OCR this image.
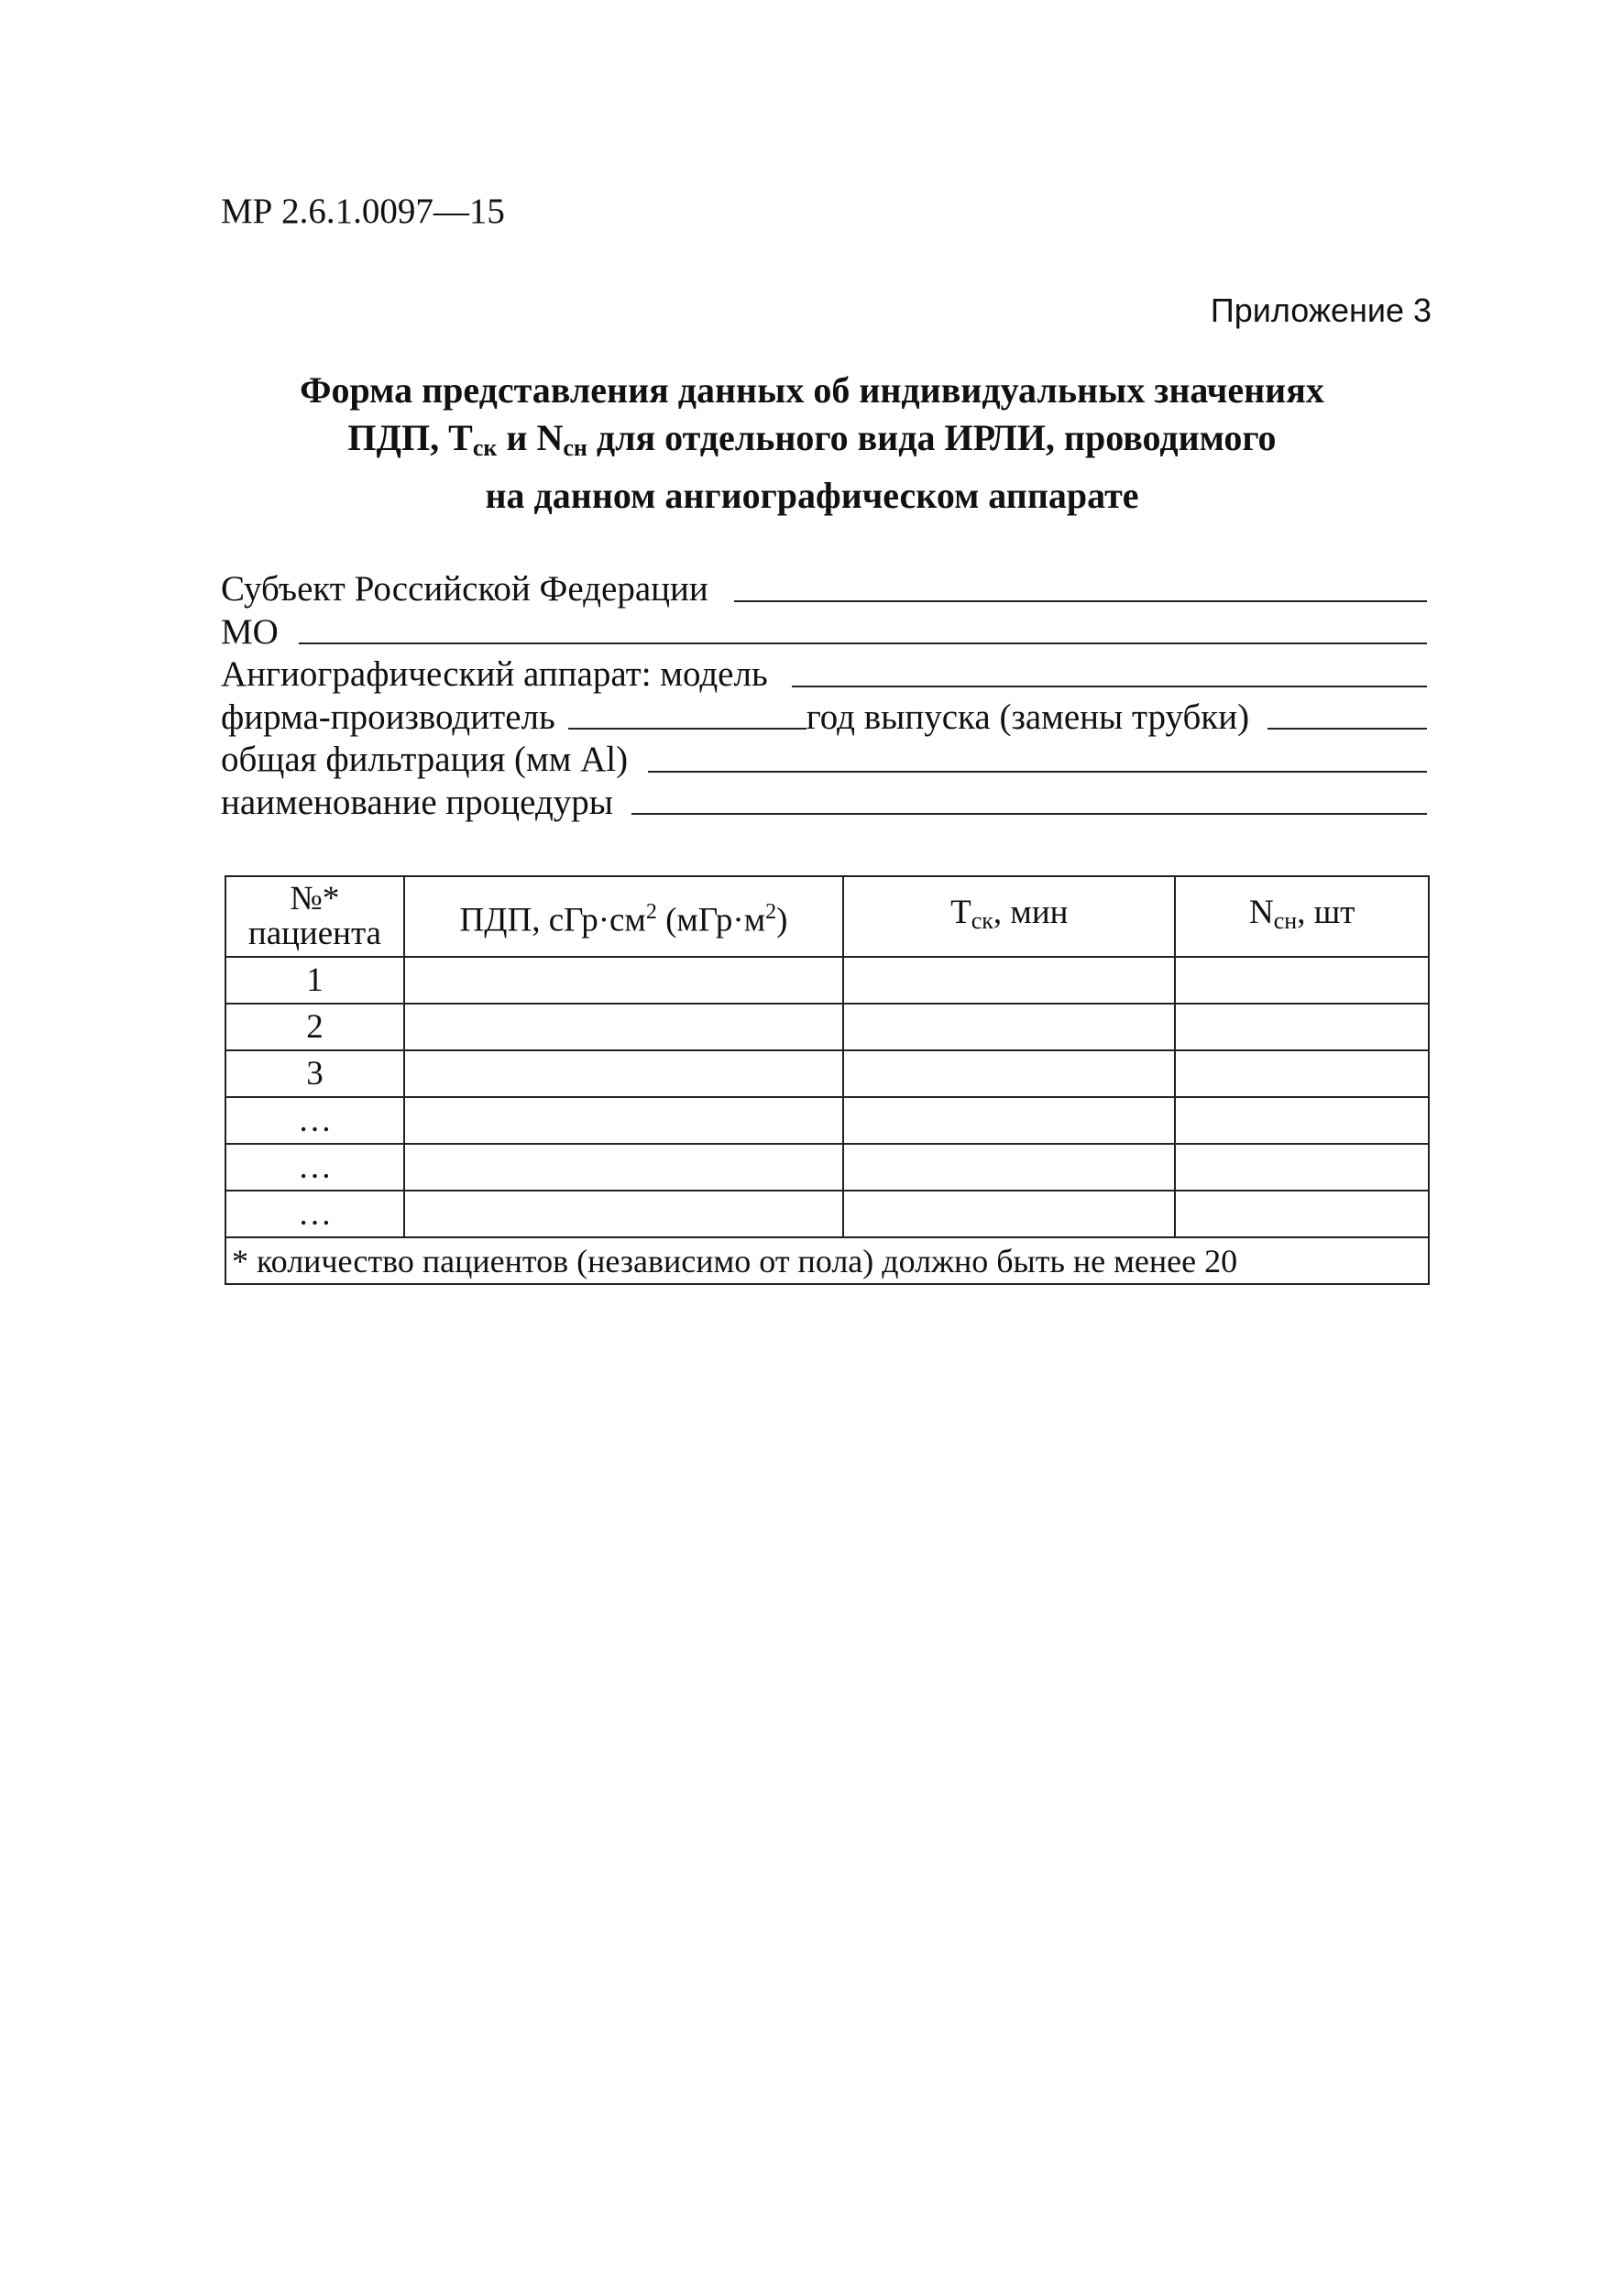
МР 2.6.1.0097—15
Приложение 3
Форма представления данных об индивидуальных значениях
ПДП, $Т_{ск}$ и $N_{сн}$ для отдельного вида ИРЛИ, проводимого
на данном ангиографическом аппарате
Субъект Российской Федерации
МО
Ангиографический аппарат: модель
фирма-производитель	год выпуска (замены трубки)
общая фильтрация (мм Al)
наименование процедуры
№*
пациента	ПДП, $сГр\cdot см^2$ $(мГр\cdot м^2)$	$Т_{ск}$, мин	$N_{сн}$, шт
1			
2			
3			
…			
…			
…			
* количество пациентов (независимо от пола) должно быть не менее 20			
